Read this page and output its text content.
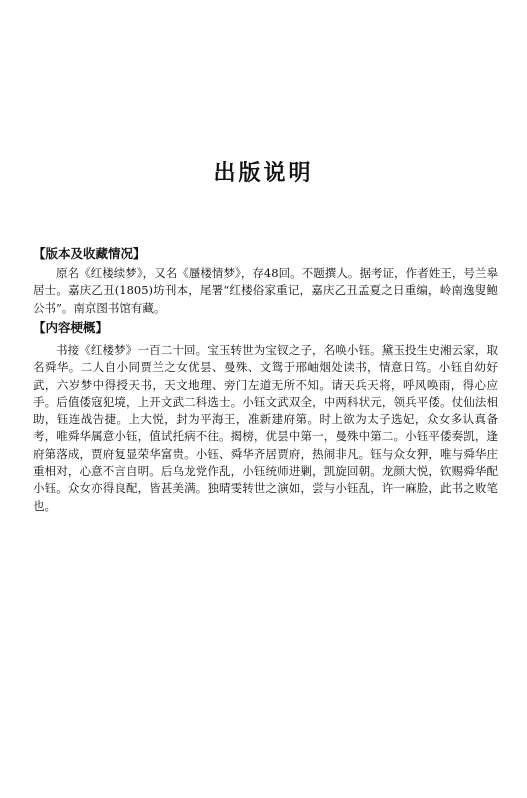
出版说明
【版本及收藏情况】

原名《红楼续梦》，又名《蜃楼情梦》，存48回。不题撰人。据考证，作者姓王，号兰皋居士。嘉庆乙丑(1805)坊刊本，尾署“红楼俗家重记，嘉庆乙丑孟夏之日重编，岭南逸叟鲍公书”。南京图书馆有藏。

【内容梗概】

书接《红楼梦》一百二十回。宝玉转世为宝钗之子，名唤小钰。黛玉投生史湘云家，取名舜华。二人自小同贾兰之女优昙、曼殊、文鸳于邢岫烟处读书，情意日笃。小钰自幼好武，六岁梦中得授天书，天文地理、旁门左道无所不知。请天兵天将，呼风唤雨，得心应手。后值倭寇犯境，上开文武二科选士。小钰文武双全，中两科状元，领兵平倭。仗仙法相助，钰连战告捷。上大悦，封为平海王，准新建府第。时上欲为太子选妃，众女多认真备考，唯舜华属意小钰，值试托病不往。揭榜，优昙中第一，曼殊中第二。小钰平倭奏凯，逢府第落成，贾府复显荣华富贵。小钰、舜华齐居贾府，热闹非凡。钰与众女狎，唯与舜华庄重相对，心意不言自明。后乌龙党作乱，小钰统师进剿，凯旋回朝。龙颜大悦，钦赐舜华配小钰。众女亦得良配，皆甚美满。独晴雯转世之演如，尝与小钰乱，许一麻脸，此书之败笔也。
